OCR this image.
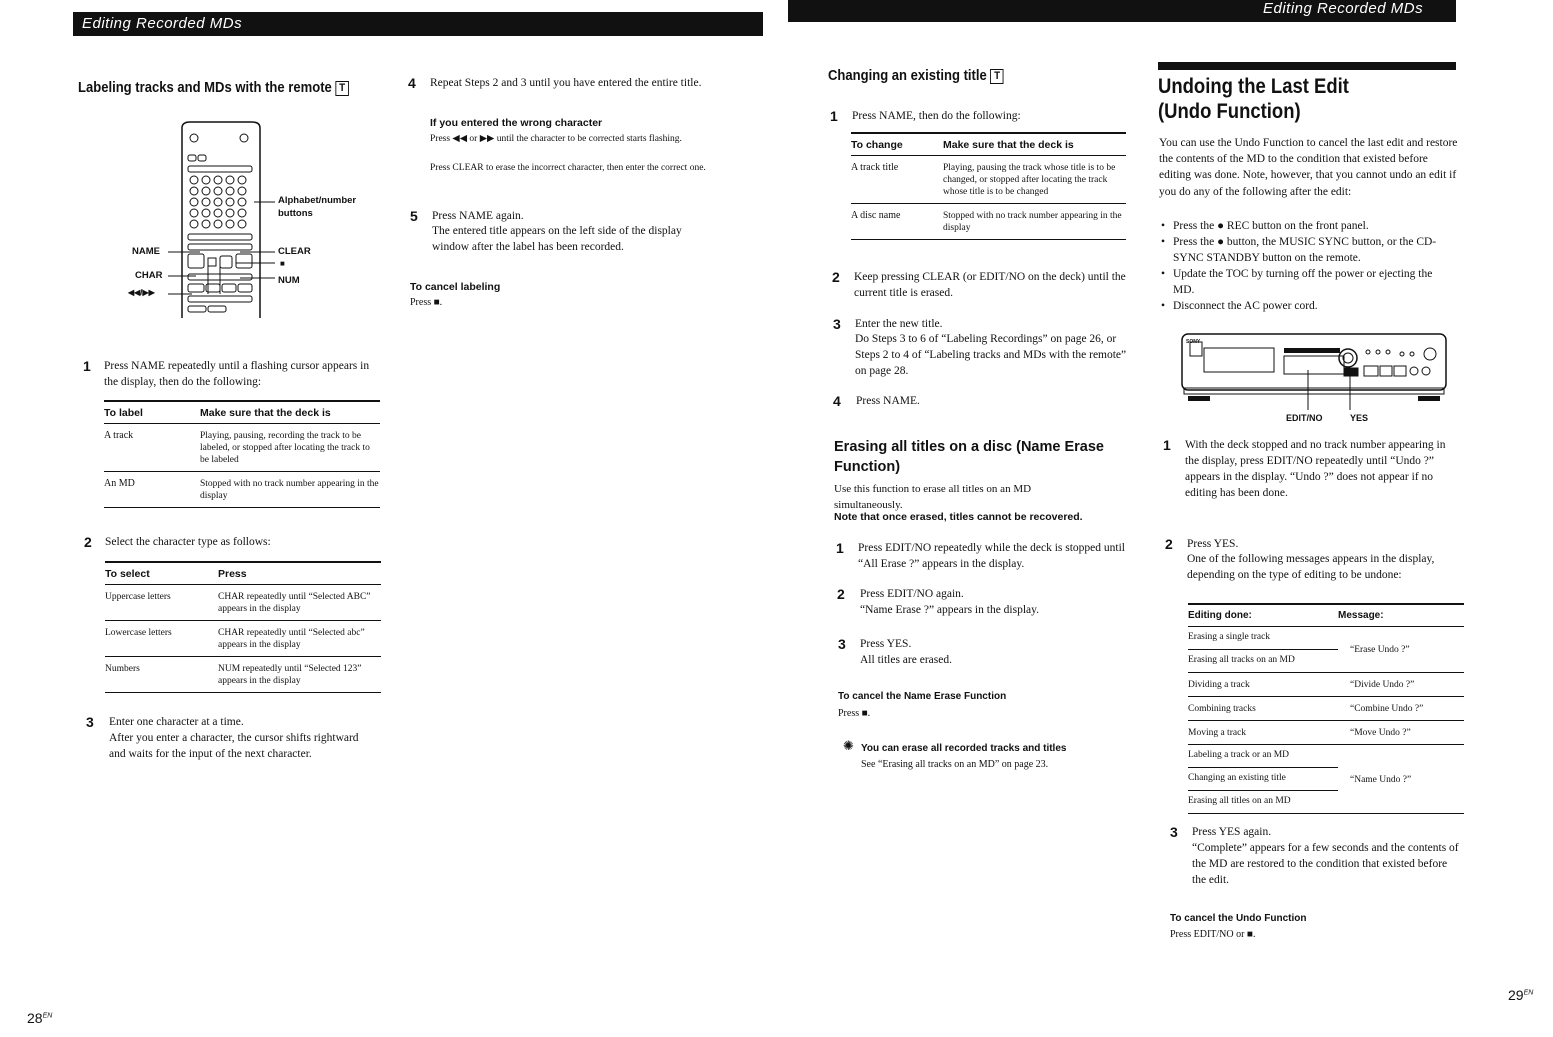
Editing Recorded MDs
Labeling tracks and MDs with the remote T
Alphabet/number buttons
NAME
CHAR
◀◀/▶▶
CLEAR
■
NUM
1 Press NAME repeatedly until a flashing cursor appears in the display, then do the following:
To label	Make sure that the deck is
A track	Playing, pausing, recording the track to be labeled, or stopped after locating the track to be labeled
An MD	Stopped with no track number appearing in the display
2 Select the character type as follows:
To select	Press
Uppercase letters	CHAR repeatedly until “Selected ABC” appears in the display
Lowercase letters	CHAR repeatedly until “Selected abc” appears in the display
Numbers	NUM repeatedly until “Selected 123” appears in the display
3 Enter one character at a time.
After you enter a character, the cursor shifts rightward and waits for the input of the next character.
4 Repeat Steps 2 and 3 until you have entered the entire title.
If you entered the wrong character
Press ◀◀ or ▶▶ until the character to be corrected starts flashing.
Press CLEAR to erase the incorrect character, then enter the correct one.
5 Press NAME again.
The entered title appears on the left side of the display window after the label has been recorded.
To cancel labeling
Press ■.
$28^{EN}$
Editing Recorded MDs
Changing an existing title T
1 Press NAME, then do the following:
To change	Make sure that the deck is
A track title	Playing, pausing the track whose title is to be changed, or stopped after locating the track whose title is to be changed
A disc name	Stopped with no track number appearing in the display
2 Keep pressing CLEAR (or EDIT/NO on the deck) until the current title is erased.
3 Enter the new title.
Do Steps 3 to 6 of “Labeling Recordings” on page 26, or Steps 2 to 4 of “Labeling tracks and MDs with the remote” on page 28.
4 Press NAME.
Erasing all titles on a disc (Name Erase Function)
Use this function to erase all titles on an MD simultaneously.
Note that once erased, titles cannot be recovered.
1 Press EDIT/NO repeatedly while the deck is stopped until “All Erase ?” appears in the display.
2 Press EDIT/NO again.
“Name Erase ?” appears in the display.
3 Press YES.
All titles are erased.
To cancel the Name Erase Function
Press ■.
✺ You can erase all recorded tracks and titles
See “Erasing all tracks on an MD” on page 23.
Undoing the Last Edit
(Undo Function)
You can use the Undo Function to cancel the last edit and restore the contents of the MD to the condition that existed before editing was done. Note, however, that you cannot undo an edit if you do any of the following after the edit:
• Press the ● REC button on the front panel.
• Press the ● button, the MUSIC SYNC button, or the CD-SYNC STANDBY button on the remote.
• Update the TOC by turning off the power or ejecting the MD.
• Disconnect the AC power cord.
SONY
EDIT/NO	YES
1 With the deck stopped and no track number appearing in the display, press EDIT/NO repeatedly until “Undo ?” appears in the display. “Undo ?” does not appear if no editing has been done.
2 Press YES.
One of the following messages appears in the display, depending on the type of editing to be undone:
Editing done:	Message:
Erasing a single track	“Erase Undo ?”
Erasing all tracks on an MD	
Dividing a track	“Divide Undo ?”
Combining tracks	“Combine Undo ?”
Moving a track	“Move Undo ?”
Labeling a track or an MD	“Name Undo ?”
Changing an existing title	
Erasing all titles on an MD	
3 Press YES again.
“Complete” appears for a few seconds and the contents of the MD are restored to the condition that existed before the edit.
To cancel the Undo Function
Press EDIT/NO or ■.
$29^{EN}$
